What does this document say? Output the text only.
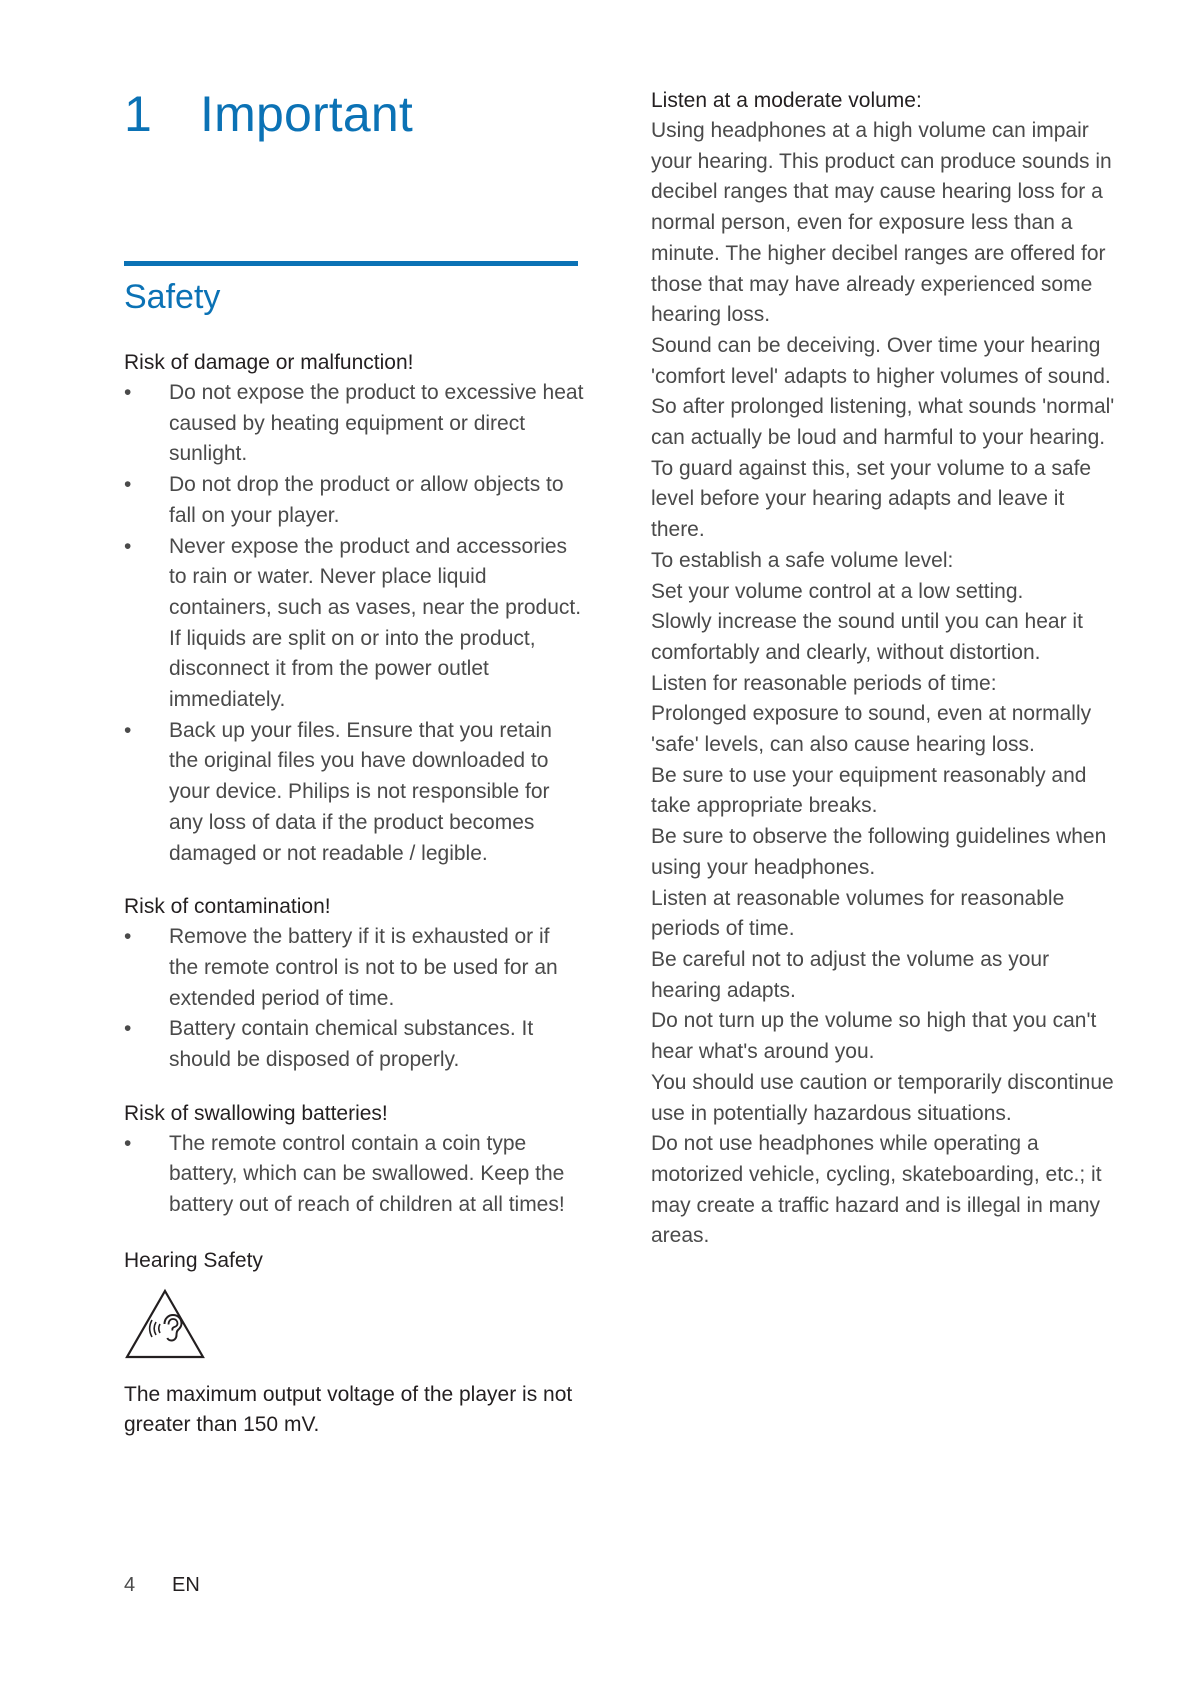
1 Important
Safety

Risk of damage or malfunction!

• Do not expose the product to excessive heat caused by heating equipment or direct sunlight.
• Do not drop the product or allow objects to fall on your player.
• Never expose the product and accessories to rain or water. Never place liquid containers, such as vases, near the product. If liquids are split on or into the product, disconnect it from the power outlet immediately.
• Back up your files. Ensure that you retain the original files you have downloaded to your device. Philips is not responsible for any loss of data if the product becomes damaged or not readable / legible.

Risk of contamination!

• Remove the battery if it is exhausted or if the remote control is not to be used for an extended period of time.
• Battery contain chemical substances. It should be disposed of properly.

Risk of swallowing batteries!

• The remote control contain a coin type battery, which can be swallowed. Keep the battery out of reach of children at all times!

Hearing Safety

The maximum output voltage of the player is not greater than 150 mV.

Listen at a moderate volume:

Using headphones at a high volume can impair your hearing. This product can produce sounds in decibel ranges that may cause hearing loss for a normal person, even for exposure less than a minute. The higher decibel ranges are offered for those that may have already experienced some hearing loss.

Sound can be deceiving. Over time your hearing 'comfort level' adapts to higher volumes of sound. So after prolonged listening, what sounds 'normal' can actually be loud and harmful to your hearing. To guard against this, set your volume to a safe level before your hearing adapts and leave it there.

To establish a safe volume level:

Set your volume control at a low setting.

Slowly increase the sound until you can hear it comfortably and clearly, without distortion.

Listen for reasonable periods of time:

Prolonged exposure to sound, even at normally 'safe' levels, can also cause hearing loss.

Be sure to use your equipment reasonably and take appropriate breaks.

Be sure to observe the following guidelines when using your headphones.

Listen at reasonable volumes for reasonable periods of time.

Be careful not to adjust the volume as your hearing adapts.

Do not turn up the volume so high that you can't hear what's around you.

You should use caution or temporarily discontinue use in potentially hazardous situations.

Do not use headphones while operating a motorized vehicle, cycling, skateboarding, etc.; it may create a traffic hazard and is illegal in many areas.

4 EN
